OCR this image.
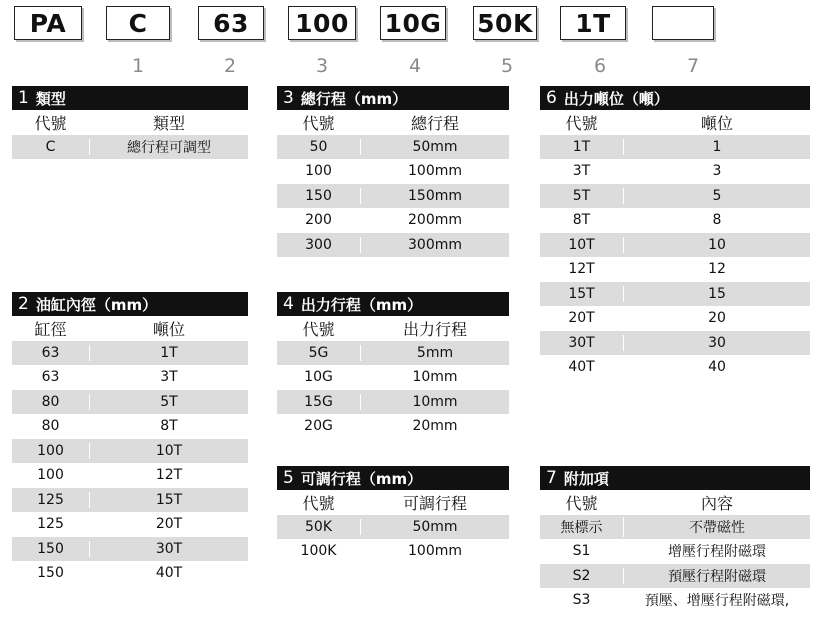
PA	C	63	100 10G 50K	1T
1	2	3	4	5	6	7
1 類型
代號	類型
C	總行程可調型
2 油缸內徑（mm）
缸徑	噸位
63	1T
63	3T
80	5T
80	8T
100	10T
100	12T
125	15T
125	20T
150	30T
150	40T
3 總行程（mm）
代號	總行程
50	50mm
100	100mm
150	150mm
200	200mm
300	300mm
4 出力行程（mm）
代號	出力行程
5G	5mm
10G	10mm
15G	10mm
20G	20mm
5 可調行程（mm）
代號	可調行程
50K	50mm
100K	100mm
6 出力噸位（噸）
代號	噸位
1T	1
3T	3
5T	5
8T	8
10T	10
12T	12
15T	15
20T	20
30T	30
40T	40
7 附加項
代號	內容
無標示	不帶磁性
S1	增壓行程附磁環
S2	預壓行程附磁環
S3	預壓、增壓行程附磁環,
